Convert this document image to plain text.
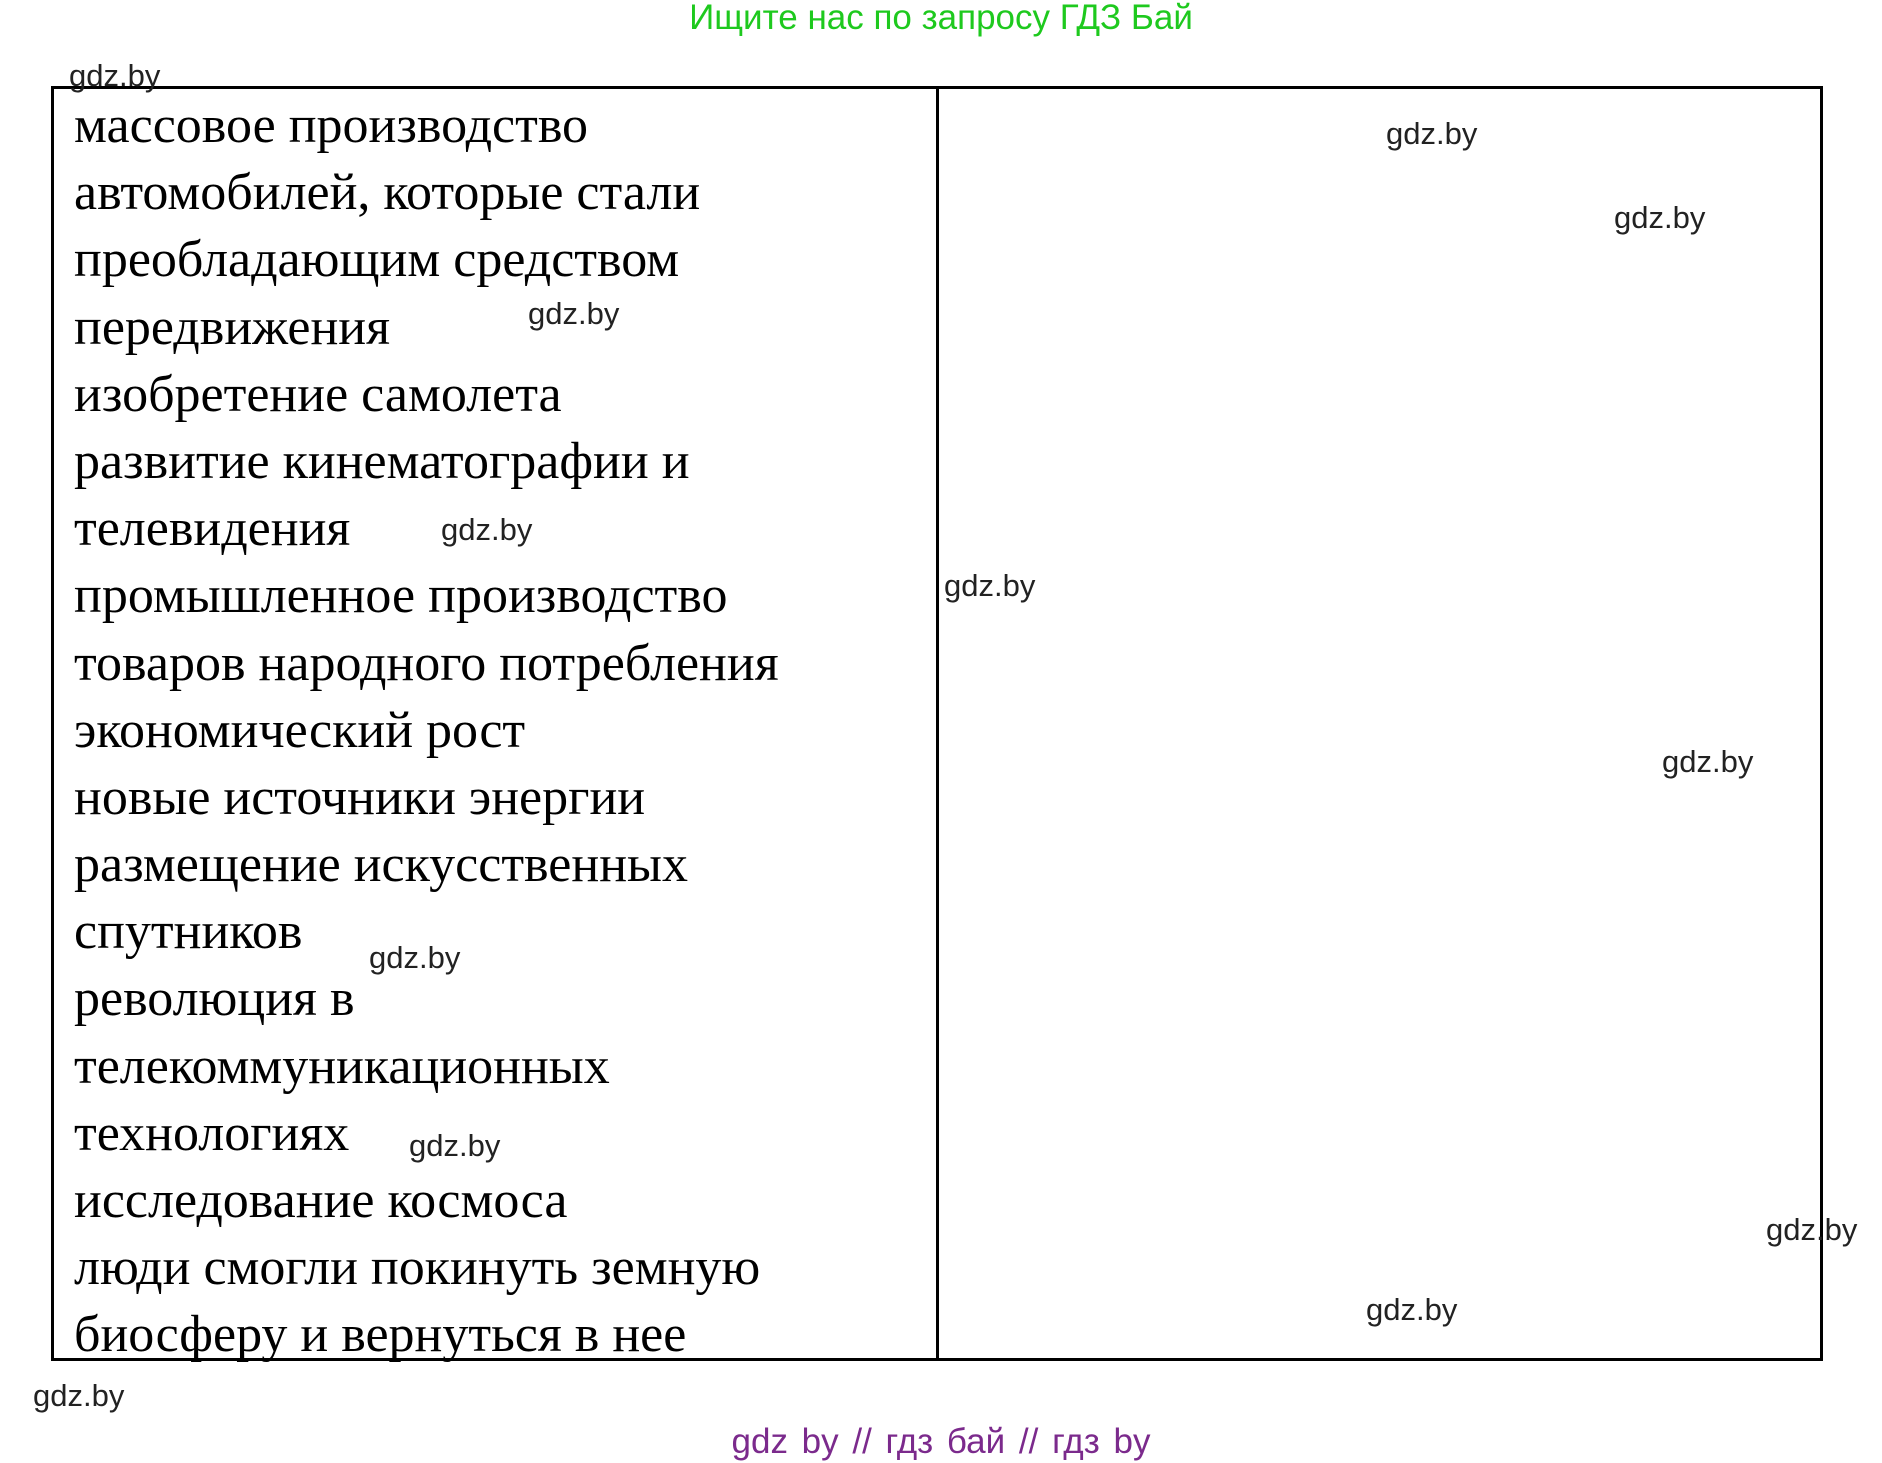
Ищите нас по запросу ГДЗ Бай
массовое производство
автомобилей, которые стали
преобладающим средством
передвижения
изобретение самолета
развитие кинематографии и
телевидения
промышленное производство
товаров народного потребления
экономический рост
новые источники энергии
размещение искусственных
спутников
революция в
телекоммуникационных
технологиях
исследование космоса
люди смогли покинуть земную
биосферу и вернуться в нее
gdz.by
gdz.by
gdz.by
gdz.by
gdz.by
gdz.by
gdz.by
gdz.by
gdz.by
gdz.by
gdz.by
gdz.by
gdz by // гдз бай // гдз by
